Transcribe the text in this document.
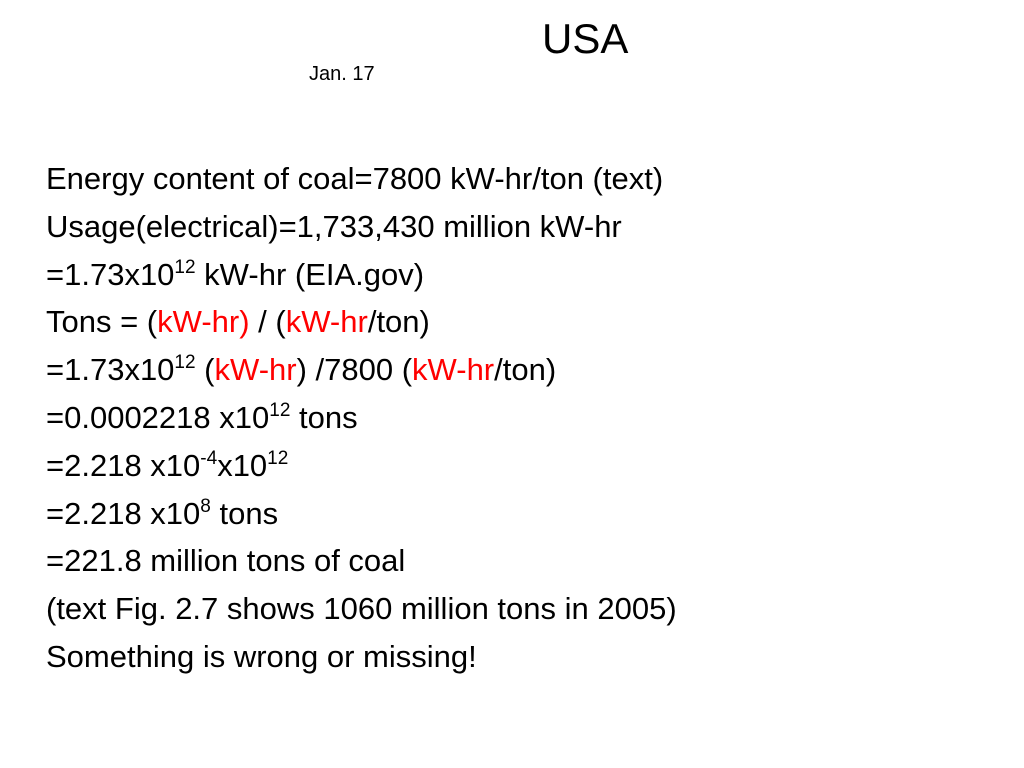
USA
Jan. 17
Energy content of coal=7800 kW-hr/ton (text)
Usage(electrical)=1,733,430 million kW-hr
$=1.73x10^{12}$ kW-hr (EIA.gov)
Tons = (kW-hr) / (kW-hr/ton)
$=1.73x10^{12}$ (kW-hr) /7800 (kW-hr/ton)
=0.0002218 $x10^{12}$ tons
=2.218 $x10^{-4}x10^{12}$
=2.218 $x10^8$ tons
=221.8 million tons of coal
(text Fig. 2.7 shows 1060 million tons in 2005)
Something is wrong or missing!
